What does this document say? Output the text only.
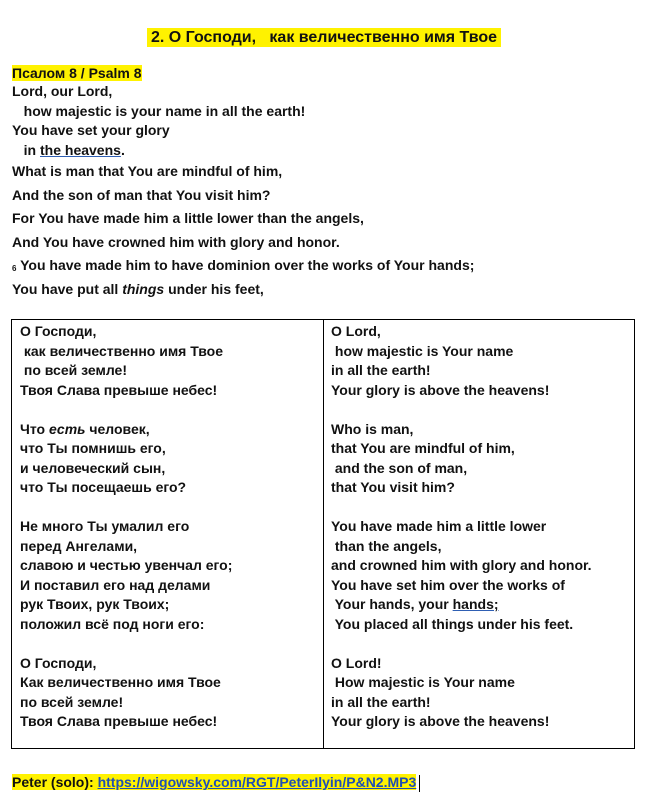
2. О Господи,   как величественно имя Твое
Псалом 8 / Psalm 8

Lord, our Lord,

how majestic is your name in all the earth!

You have set your glory

in the heavens.

What is man that You are mindful of him,

And the son of man that You visit him?

For You have made him a little lower than the angels,

And You have crowned him with glory and honor.

$^6$ You have made him to have dominion over the works of Your hands;

You have put all things under his feet,

О Господи,

как величественно имя Твое

по всей земле!

Твоя Слава превыше небес!

Что есть человек,

что Ты помнишь его,

и человеческий сын,

что Ты посещаешь его?

Не много Ты умалил его

перед Ангелами,

славою и честью увенчал его;

И поставил его над делами

рук Твоих, рук Твоих;

положил всё под ноги его:

О Господи,

Как величественно имя Твое

по всей земле!

Твоя Слава превыше небес!

O Lord,

how majestic is Your name

in all the earth!

Your glory is above the heavens!

Who is man,

that You are mindful of him,

and the son of man,

that You visit him?

You have made him a little lower

than the angels,

and crowned him with glory and honor.

You have set him over the works of

Your hands, your hands;

You placed all things under his feet.

O Lord!

How majestic is Your name

in all the earth!

Your glory is above the heavens!

Peter (solo): https://wigowsky.com/RGT/PeterIlyin/P&N2.MP3
